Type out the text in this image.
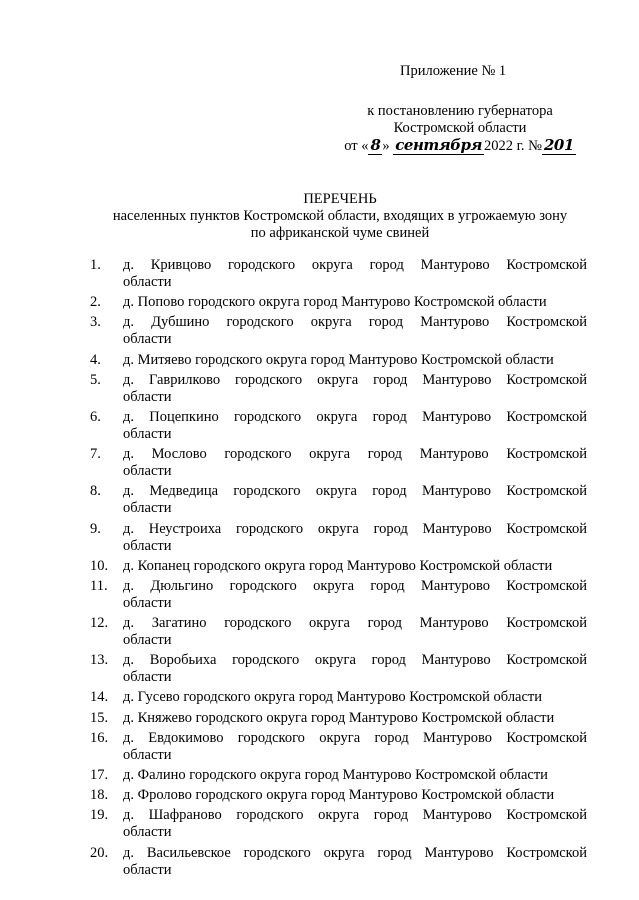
Приложение № 1
к постановлению губернатора
Костромской области
от « 8 » сентября 2022 г. № 201
ПЕРЕЧЕНЬ
населенных пунктов Костромской области, входящих в угрожаемую зону
по африканской чуме свиней
1.	д. Кривцово городского округа город Мантурово Костромской
области
2.	д. Попово городского округа город Мантурово Костромской области
3.	д. Дубшино городского округа город Мантурово Костромской
области
4.	д. Митяево городского округа город Мантурово Костромской области
5.	д. Гаврилково городского округа город Мантурово Костромской
области
6.	д. Поцепкино городского округа город Мантурово Костромской
области
7.	д. Мослово городского округа город Мантурово Костромской
области
8.	д. Медведица городского округа город Мантурово Костромской
области
9.	д. Неустроиха городского округа город Мантурово Костромской
области
10.	д. Копанец городского округа город Мантурово Костромской области
11.	д. Дюльгино городского округа город Мантурово Костромской
области
12.	д. Загатино городского округа город Мантурово Костромской
области
13.	д. Воробьиха городского округа город Мантурово Костромской
области
14.	д. Гусево городского округа город Мантурово Костромской области
15.	д. Княжево городского округа город Мантурово Костромской области
16.	д. Евдокимово городского округа город Мантурово Костромской
области
17.	д. Фалино городского округа город Мантурово Костромской области
18.	д. Фролово городского округа город Мантурово Костромской области
19.	д. Шафраново городского округа город Мантурово Костромской
области
20.	д. Васильевское городского округа город Мантурово Костромской
области
